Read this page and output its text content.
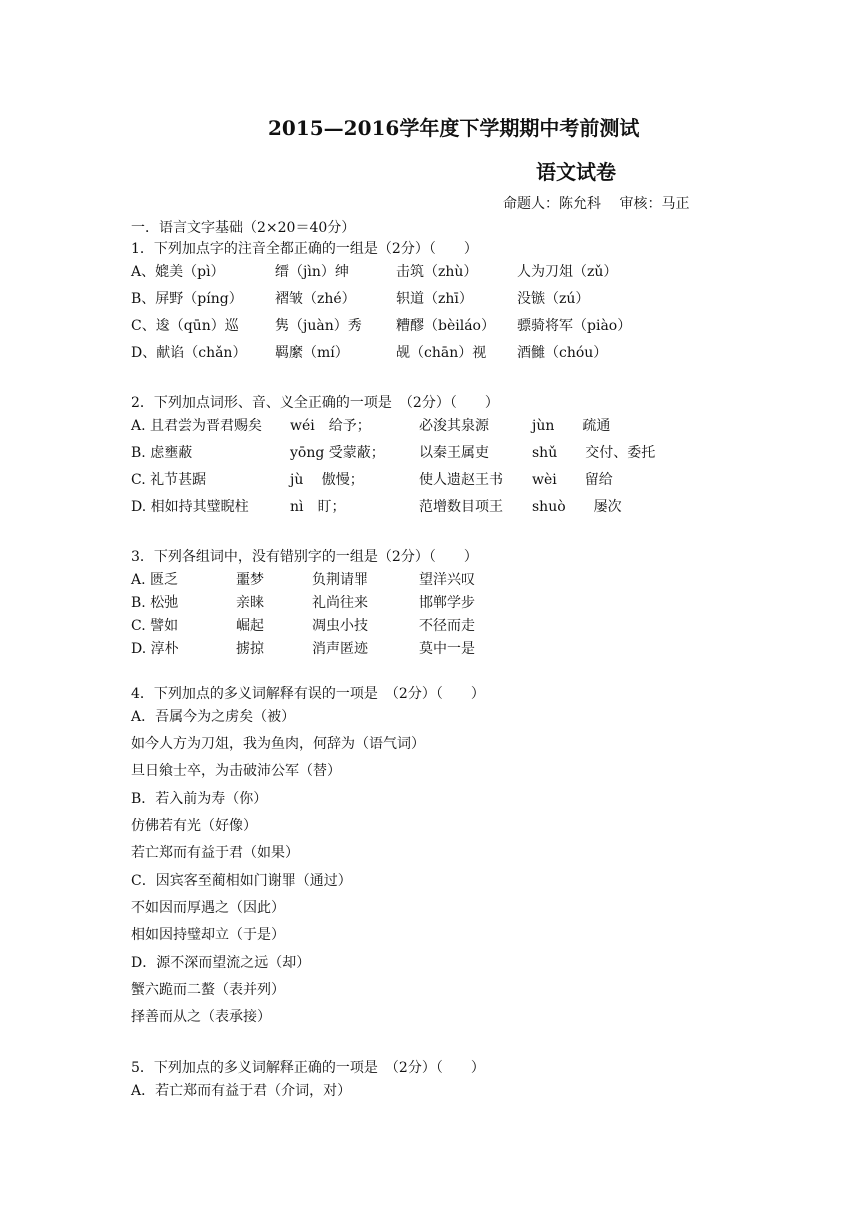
2015—2016学年度下学期期中考前测试
语文试卷
命题人：陈允科　 审核：马正
一．语言文字基础（2×20＝40分）
1．下列加点字的注音全都正确的一组是（2分）（　　）
A、媲美（pì）	缙（jìn）绅	击筑（zhù）	人为刀俎（zǔ）
B、屏野（píng） 褶皱（zhé）	轵道（zhī）	没镞（zú）
C、逡（qūn）巡	隽（juàn）秀 糟醪（bèiláo） 骠骑将军（piào）
D、献谄（chǎn） 羁縻（mí）	觇（chān）视 酒雠（chóu）
2．下列加点词形、音、义全正确的一项是　（2分）（　　）
A. 且君尝为晋君赐矣 wéi　给予；	必浚其泉源	jùn　　疏通
B. 虑壅蔽	yōng 受蒙蔽； 以秦王属吏	shǔ　　交付、委托
C. 礼节甚踞	jù　 傲慢；	使人遗赵王书 wèi　　留给
D. 相如持其璧睨柱	nì　盯；	范增数目项王 shuò　　屡次
3．下列各组词中，没有错别字的一组是（2分）（　　）
A. 匮乏	噩梦	负荆请罪	望洋兴叹
B. 松弛	亲睐	礼尚往来	邯郸学步
C. 譬如	崛起	凋虫小技	不径而走
D. 淳朴	掳掠	消声匿迹	莫中一是
4．下列加点的多义词解释有误的一项是　（2分）（　　）
A．吾属今为之虏矣（被）
如今人方为刀俎，我为鱼肉，何辞为（语气词）
旦日飨士卒，为击破沛公军（替）
B．若入前为寿（你）
仿佛若有光（好像）
若亡郑而有益于君（如果）
C．因宾客至蔺相如门谢罪（通过）
不如因而厚遇之（因此）
相如因持璧却立（于是）
D．源不深而望流之远（却）
蟹六跪而二螯（表并列）
择善而从之（表承接）
5．下列加点的多义词解释正确的一项是　（2分）（　　）
A．若亡郑而有益于君（介词，对）
